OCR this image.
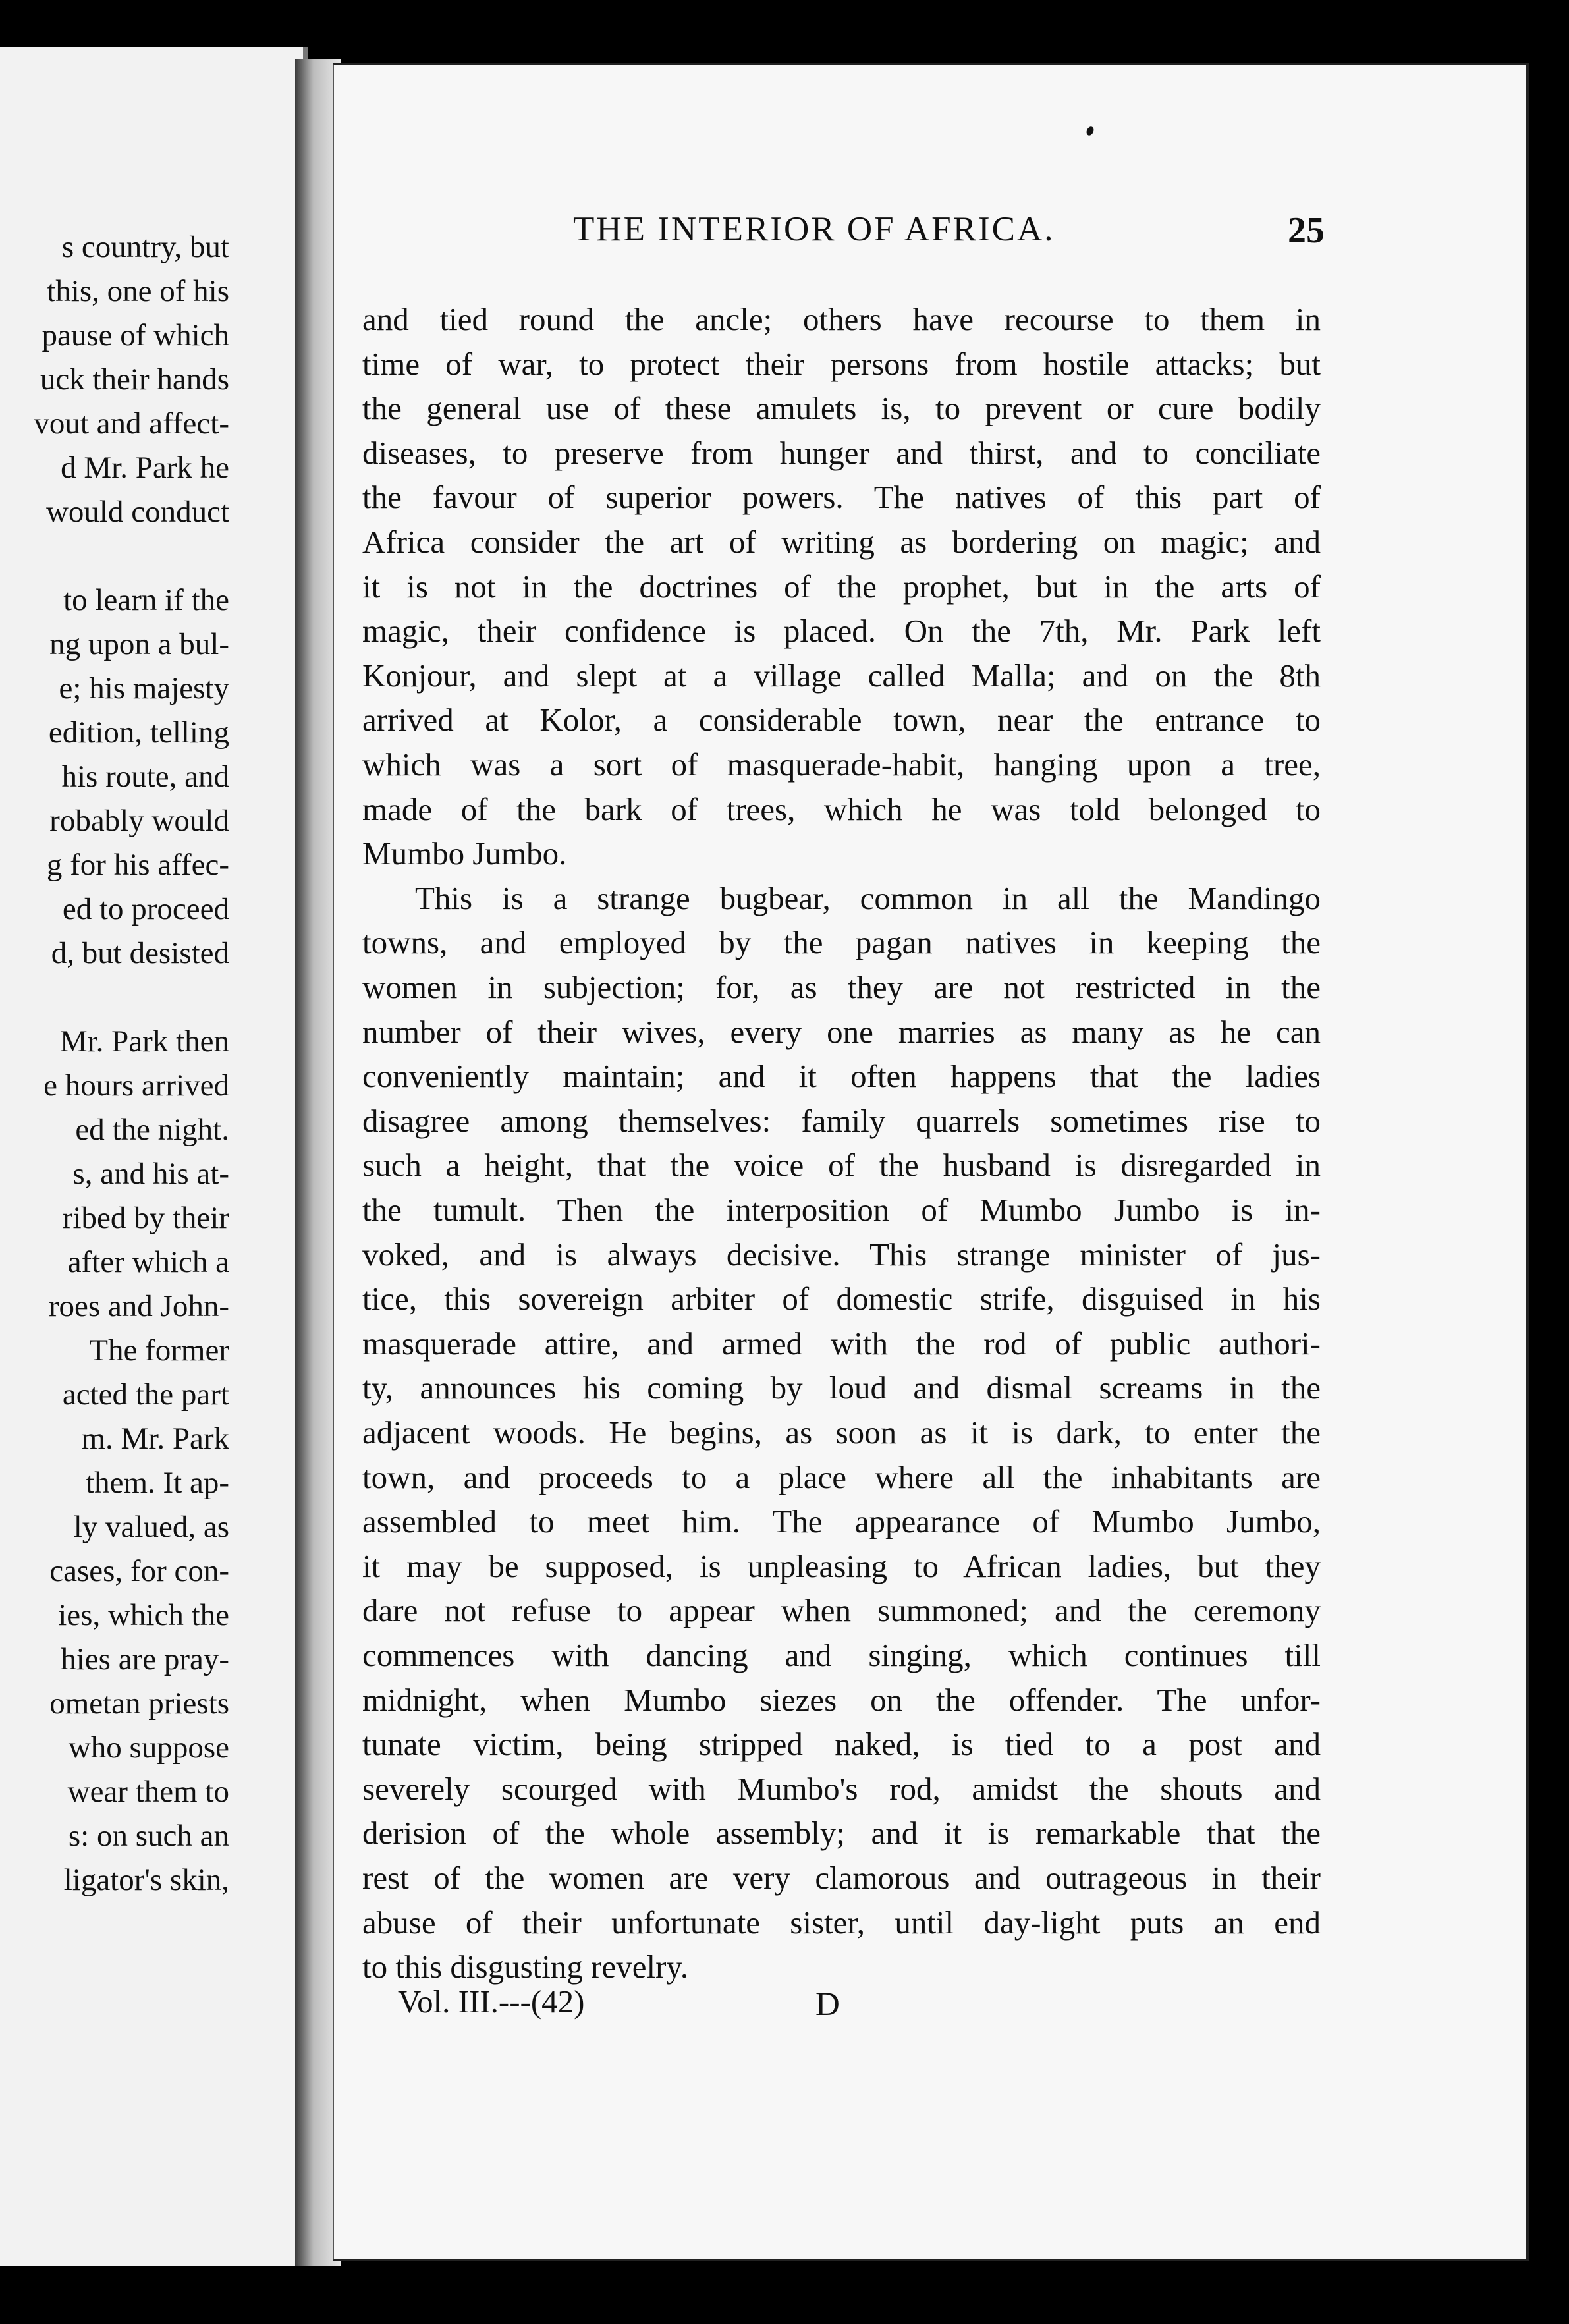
s country, but
this, one of his
pause of which
uck their hands
vout and affect-
d Mr. Park he
would conduct
to learn if the
ng upon a bul-
e; his majesty
edition, telling
his route, and
robably would
g for his affec-
ed to proceed
d, but desisted
Mr. Park then
e hours arrived
ed the night.
s, and his at-
ribed by their
after which a
roes and John-
The former
acted the part
m. Mr. Park
them. It ap-
ly valued, as
cases, for con-
ies, which the
hies are pray-
ometan priests
who suppose
wear them to
s: on such an
ligator's skin,
THE INTERIOR OF AFRICA.	25
and tied round the ancle; others have recourse to them in
time of war, to protect their persons from hostile attacks; but
the general use of these amulets is, to prevent or cure bodily
diseases, to preserve from hunger and thirst, and to conciliate
the favour of superior powers. The natives of this part of
Africa consider the art of writing as bordering on magic; and
it is not in the doctrines of the prophet, but in the arts of
magic, their confidence is placed. On the 7th, Mr. Park left
Konjour, and slept at a village called Malla; and on the 8th
arrived at Kolor, a considerable town, near the entrance to
which was a sort of masquerade-habit, hanging upon a tree,
made of the bark of trees, which he was told belonged to
Mumbo Jumbo.
This is a strange bugbear, common in all the Mandingo
towns, and employed by the pagan natives in keeping the
women in subjection; for, as they are not restricted in the
number of their wives, every one marries as many as he can
conveniently maintain; and it often happens that the ladies
disagree among themselves: family quarrels sometimes rise to
such a height, that the voice of the husband is disregarded in
the tumult. Then the interposition of Mumbo Jumbo is in-
voked, and is always decisive. This strange minister of jus-
tice, this sovereign arbiter of domestic strife, disguised in his
masquerade attire, and armed with the rod of public authori-
ty, announces his coming by loud and dismal screams in the
adjacent woods. He begins, as soon as it is dark, to enter the
town, and proceeds to a place where all the inhabitants are
assembled to meet him. The appearance of Mumbo Jumbo,
it may be supposed, is unpleasing to African ladies, but they
dare not refuse to appear when summoned; and the ceremony
commences with dancing and singing, which continues till
midnight, when Mumbo siezes on the offender. The unfor-
tunate victim, being stripped naked, is tied to a post and
severely scourged with Mumbo's rod, amidst the shouts and
derision of the whole assembly; and it is remarkable that the
rest of the women are very clamorous and outrageous in their
abuse of their unfortunate sister, until day-light puts an end
to this disgusting revelry.
Vol. III.---(42)	D
